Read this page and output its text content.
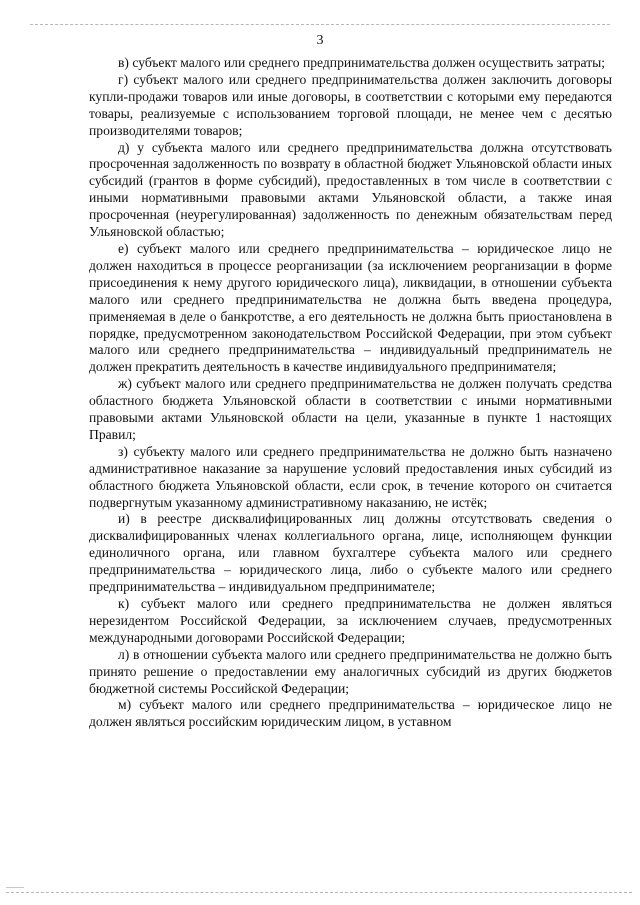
3

в) субъект малого или среднего предпринимательства должен осуществить затраты;

г) субъект малого или среднего предпринимательства должен заключить договоры купли-продажи товаров или иные договоры, в соответствии с которыми ему передаются товары, реализуемые с использованием торговой площади, не менее чем с десятью производителями товаров;

д) у субъекта малого или среднего предпринимательства должна отсутствовать просроченная задолженность по возврату в областной бюджет Ульяновской области иных субсидий (грантов в форме субсидий), предоставленных в том числе в соответствии с иными нормативными правовыми актами Ульяновской области, а также иная просроченная (неурегулированная) задолженность по денежным обязательствам перед Ульяновской областью;

е) субъект малого или среднего предпринимательства – юридическое лицо не должен находиться в процессе реорганизации (за исключением реорганизации в форме присоединения к нему другого юридического лица), ликвидации, в отношении субъекта малого или среднего предпринимательства не должна быть введена процедура, применяемая в деле о банкротстве, а его деятельность не должна быть приостановлена в порядке, предусмотренном законодательством Российской Федерации, при этом субъект малого или среднего предпринимательства – индивидуальный предприниматель не должен прекратить деятельность в качестве индивидуального предпринимателя;

ж) субъект малого или среднего предпринимательства не должен получать средства областного бюджета Ульяновской области в соответствии с иными нормативными правовыми актами Ульяновской области на цели, указанные в пункте 1 настоящих Правил;

з) субъекту малого или среднего предпринимательства не должно быть назначено административное наказание за нарушение условий предоставления иных субсидий из областного бюджета Ульяновской области, если срок, в течение которого он считается подвергнутым указанному административному наказанию, не истёк;

и) в реестре дисквалифицированных лиц должны отсутствовать сведения о дисквалифицированных членах коллегиального органа, лице, исполняющем функции единоличного органа, или главном бухгалтере субъекта малого или среднего предпринимательства – юридического лица, либо о субъекте малого или среднего предпринимательства – индивидуальном предпринимателе;

к) субъект малого или среднего предпринимательства не должен являться нерезидентом Российской Федерации, за исключением случаев, предусмотренных международными договорами Российской Федерации;

л) в отношении субъекта малого или среднего предпринимательства не должно быть принято решение о предоставлении ему аналогичных субсидий из других бюджетов бюджетной системы Российской Федерации;

м) субъект малого или среднего предпринимательства – юридическое лицо не должен являться российским юридическим лицом, в уставном
